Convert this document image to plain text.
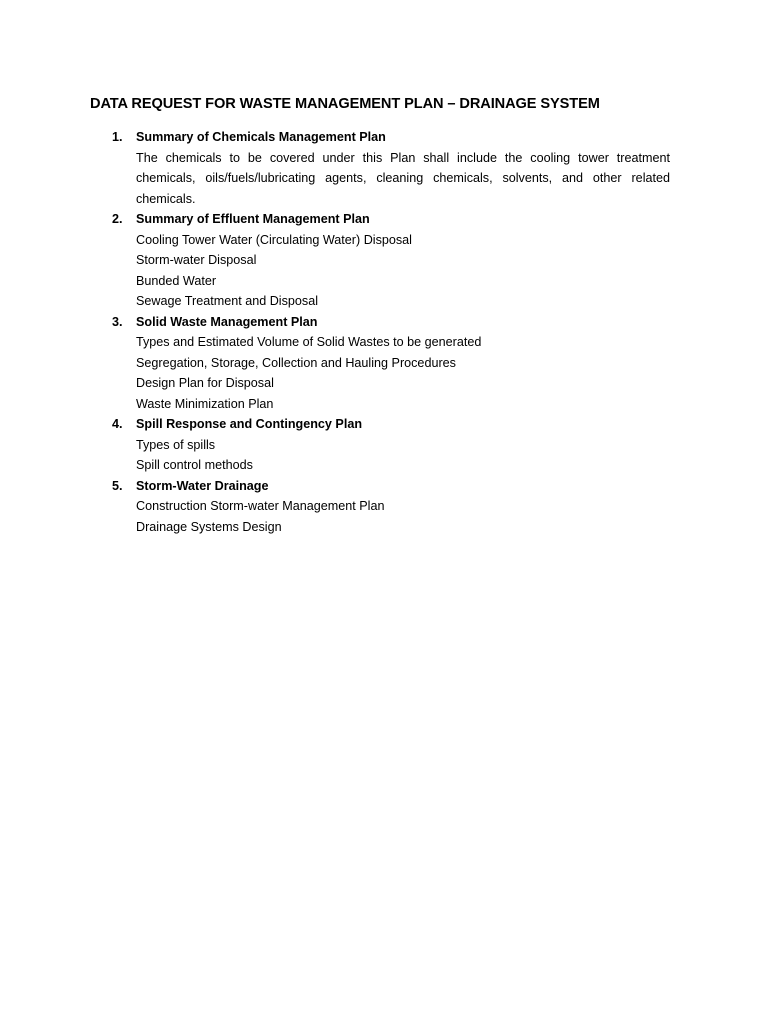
DATA REQUEST FOR WASTE MANAGEMENT PLAN – DRAINAGE SYSTEM
1.	Summary of Chemicals Management Plan
The chemicals to be covered under this Plan shall include the cooling tower treatment chemicals, oils/fuels/lubricating agents, cleaning chemicals, solvents, and other related chemicals.
2.	Summary of Effluent Management Plan
Cooling Tower Water (Circulating Water) Disposal
Storm-water Disposal
Bunded Water
Sewage Treatment and Disposal
3.	Solid Waste Management Plan
Types and Estimated Volume of Solid Wastes to be generated
Segregation, Storage, Collection and Hauling Procedures
Design Plan for Disposal
Waste Minimization Plan
4.	Spill Response and Contingency Plan
Types of spills
Spill control methods
5.	Storm-Water Drainage
Construction Storm-water Management Plan
Drainage Systems Design
